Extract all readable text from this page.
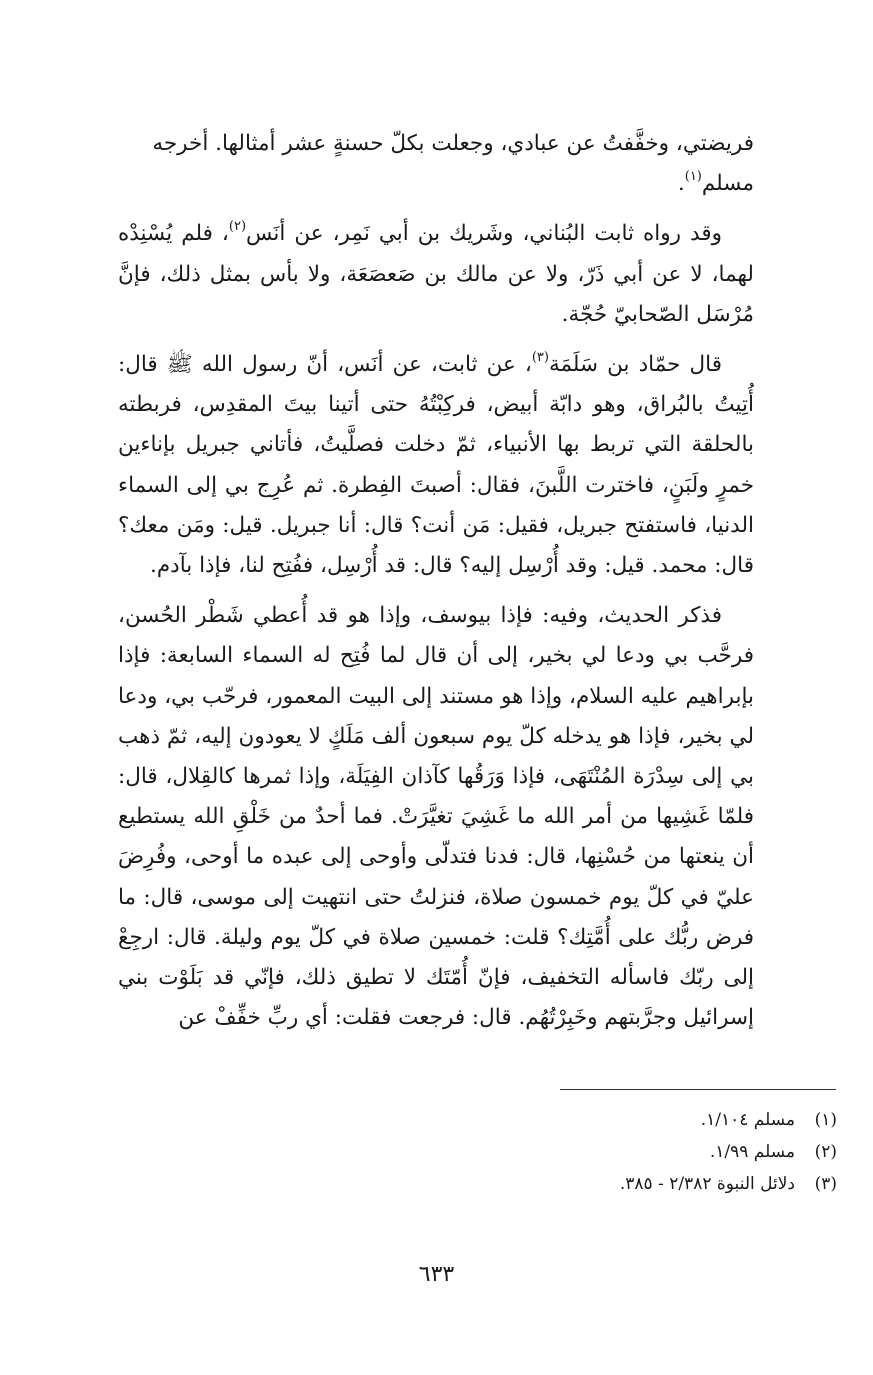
فريضتي، وخفَّفتُ عن عبادي، وجعلت بكلّ حسنةٍ عشر أمثالها. أخرجه
مسلم$^{(١)}$.

وقد رواه ثابت البُناني، وشَريك بن أبي نَمِر، عن أنَس$^{(٢)}$، فلم يُسْنِدْه لهما، لا عن أبي ذَرّ، ولا عن مالك بن صَعصَعَة، ولا بأس بمثل ذلك، فإنَّ مُرْسَل الصّحابيّ حُجّة.

قال حمّاد بن سَلَمَة$^{(٣)}$، عن ثابت، عن أنَس، أنّ رسول الله ﷺ قال: أُتِيتُ بالبُراق، وهو دابّة أبيض، فركِبْتُهُ حتى أتينا بيتَ المقدِس، فربطته بالحلقة التي تربط بها الأنبياء، ثمّ دخلت فصلَّيتُ، فأتاني جبريل بإناءين خمرٍ ولَبَنٍ، فاخترت اللَّبنَ، فقال: أصبتَ الفِطرة. ثم عُرِج بي إلى السماء الدنيا، فاستفتح جبريل، فقيل: مَن أنت؟ قال: أنا جبريل. قيل: ومَن معك؟ قال: محمد. قيل: وقد أُرْسِل إليه؟ قال: قد أُرْسِل، ففُتِح لنا، فإذا بآدم.

فذكر الحديث، وفيه: فإذا بيوسف، وإذا هو قد أُعطي شَطْر الحُسن، فرحَّب بي ودعا لي بخير، إلى أن قال لما فُتِح له السماء السابعة: فإذا بإبراهيم عليه السلام، وإذا هو مستند إلى البيت المعمور، فرحّب بي، ودعا لي بخير، فإذا هو يدخله كلّ يوم سبعون ألف مَلَكٍ لا يعودون إليه، ثمّ ذهب بي إلى سِدْرَة المُنْتَهَى، فإذا وَرَقُها كآذان الفِيَلَة، وإذا ثمرها كالقِلال، قال: فلمّا غَشِيها من أمر الله ما غَشِيَ تغيَّرَتْ. فما أحدٌ من خَلْقِ الله يستطيع أن ينعتها من حُسْنِها، قال: فدنا فتدلّى وأوحى إلى عبده ما أوحى، وفُرِضَ عليّ في كلّ يوم خمسون صلاة، فنزلتُ حتى انتهيت إلى موسى، قال: ما فرض ربُّك على أُمَّتِك؟ قلت: خمسين صلاة في كلّ يوم وليلة. قال: ارجِعْ إلى ربّك فاسأله التخفيف، فإنّ أُمّتَك لا تطيق ذلك، فإنّي قد بَلَوْت بني إسرائيل وجرَّبتهم وخَبِرْتُهُم. قال: فرجعت فقلت: أي ربِّ خفِّفْ عن

(١)مسلم ١/١٠٤.
(٢)مسلم ١/٩٩.
(٣)دلائل النبوة ٢/٣٨٢ - ٣٨٥.
٦٣٣
